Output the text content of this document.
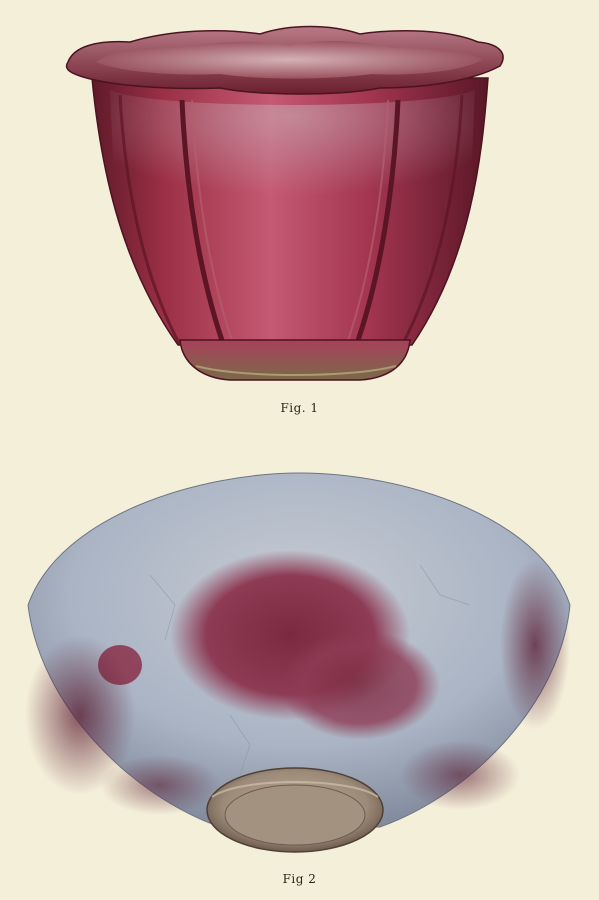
Fig. 1
Fig 2
